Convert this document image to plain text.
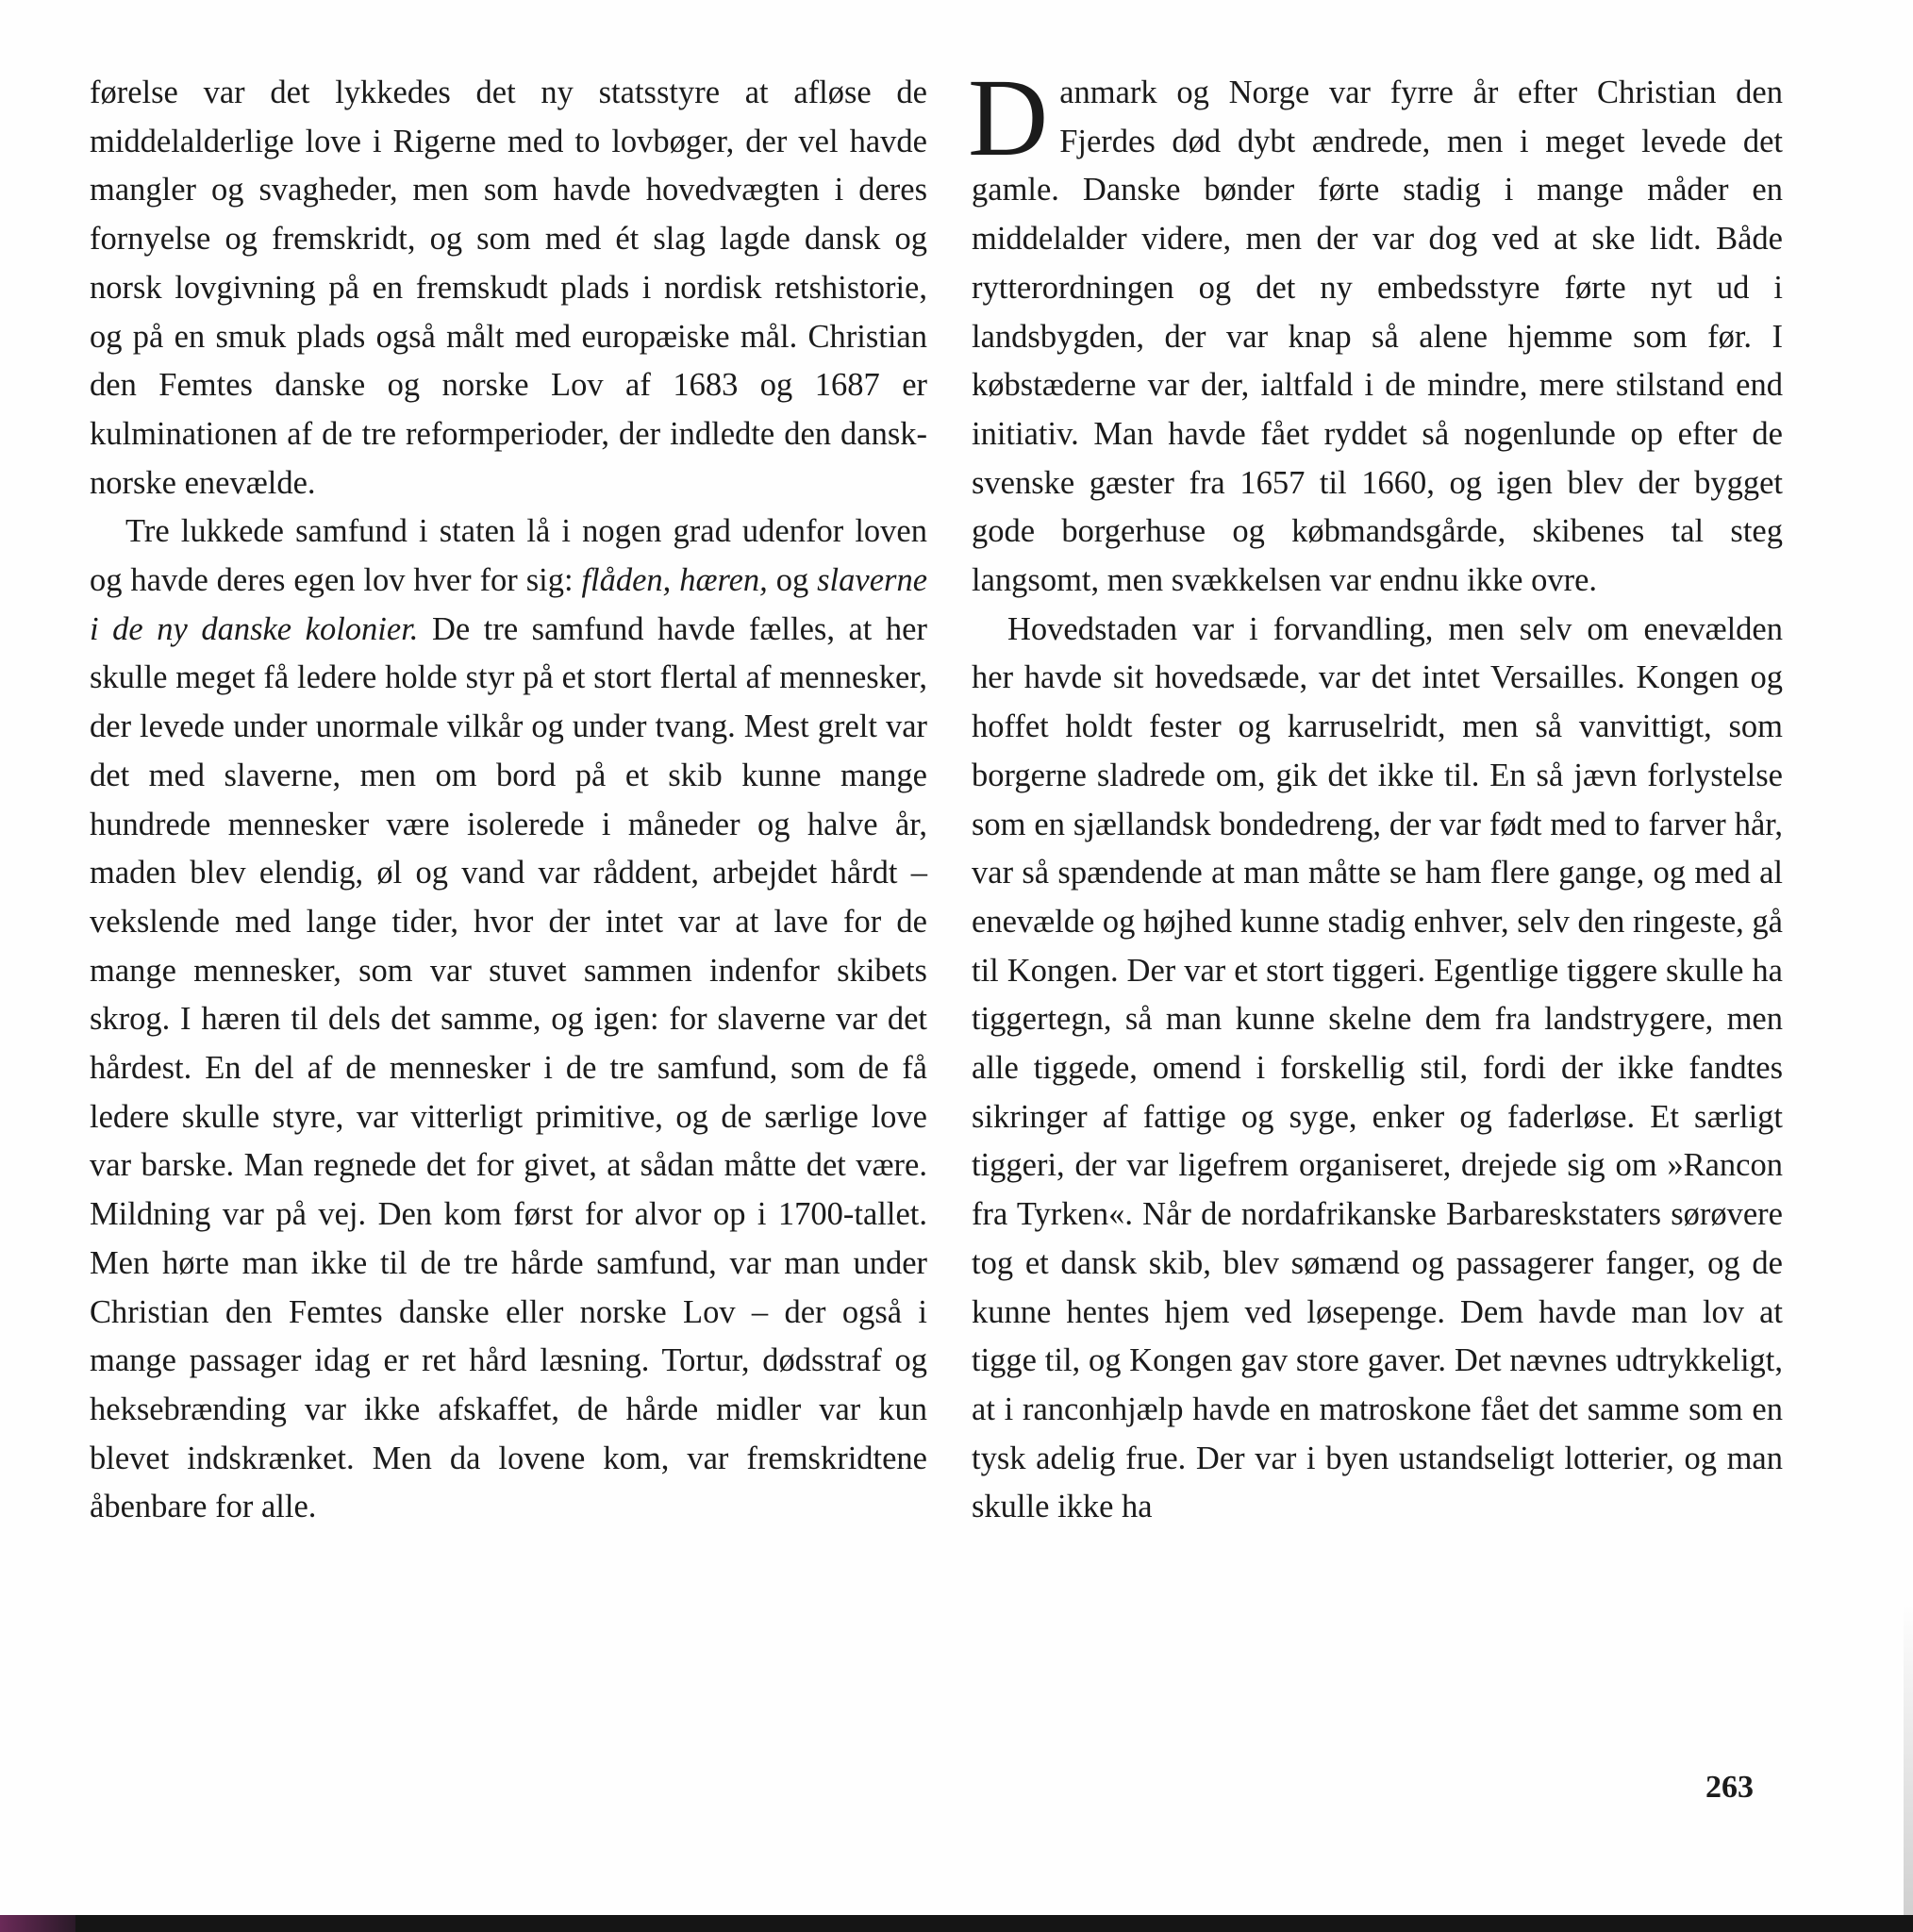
førelse var det lykkedes det ny statsstyre at afløse de middelalderlige love i Rigerne med to lovbøger, der vel havde mangler og svagheder, men som havde hovedvægten i deres fornyelse og fremskridt, og som med ét slag lagde dansk og norsk lovgivning på en fremskudt plads i nordisk retshistorie, og på en smuk plads også målt med europæiske mål. Christian den Femtes danske og norske Lov af 1683 og 1687 er kulminationen af de tre reformperioder, der indledte den dansk-norske enevælde.

Tre lukkede samfund i staten lå i nogen grad udenfor loven og havde deres egen lov hver for sig: flåden, hæren, og slaverne i de ny danske kolonier. De tre samfund havde fælles, at her skulle meget få ledere holde styr på et stort flertal af mennesker, der levede under unormale vilkår og under tvang. Mest grelt var det med slaverne, men om bord på et skib kunne mange hundrede mennesker være isolerede i måneder og halve år, maden blev elendig, øl og vand var råddent, arbejdet hårdt – vekslende med lange tider, hvor der intet var at lave for de mange mennesker, som var stuvet sammen indenfor skibets skrog. I hæren til dels det samme, og igen: for slaverne var det hårdest. En del af de mennesker i de tre samfund, som de få ledere skulle styre, var vitterligt primitive, og de særlige love var barske. Man regnede det for givet, at sådan måtte det være. Mildning var på vej. Den kom først for alvor op i 1700-tallet. Men hørte man ikke til de tre hårde samfund, var man under Christian den Femtes danske eller norske Lov – der også i mange passager idag er ret hård læsning. Tortur, dødsstraf og heksebrænding var ikke afskaffet, de hårde midler var kun blevet indskrænket. Men da lovene kom, var fremskridtene åbenbare for alle.

Danmark og Norge var fyrre år efter Christian den Fjerdes død dybt ændrede, men i meget levede det gamle. Danske bønder førte stadig i mange måder en middelalder videre, men der var dog ved at ske lidt. Både rytterordningen og det ny embedsstyre førte nyt ud i landsbygden, der var knap så alene hjemme som før. I købstæderne var der, ialtfald i de mindre, mere stilstand end initiativ. Man havde fået ryddet så nogenlunde op efter de svenske gæster fra 1657 til 1660, og igen blev der bygget gode borgerhuse og købmandsgårde, skibenes tal steg langsomt, men svækkelsen var endnu ikke ovre.

Hovedstaden var i forvandling, men selv om enevælden her havde sit hovedsæde, var det intet Versailles. Kongen og hoffet holdt fester og karruselridt, men så vanvittigt, som borgerne sladrede om, gik det ikke til. En så jævn forlystelse som en sjællandsk bondedreng, der var født med to farver hår, var så spændende at man måtte se ham flere gange, og med al enevælde og højhed kunne stadig enhver, selv den ringeste, gå til Kongen. Der var et stort tiggeri. Egentlige tiggere skulle ha tiggertegn, så man kunne skelne dem fra landstrygere, men alle tiggede, omend i forskellig stil, fordi der ikke fandtes sikringer af fattige og syge, enker og faderløse. Et særligt tiggeri, der var ligefrem organiseret, drejede sig om »Rancon fra Tyrken«. Når de nordafrikanske Barbareskstaters sørøvere tog et dansk skib, blev sømænd og passagerer fanger, og de kunne hentes hjem ved løsepenge. Dem havde man lov at tigge til, og Kongen gav store gaver. Det nævnes udtrykkeligt, at i ranconhjælp havde en matroskone fået det samme som en tysk adelig frue. Der var i byen ustandseligt lotterier, og man skulle ikke ha

263
